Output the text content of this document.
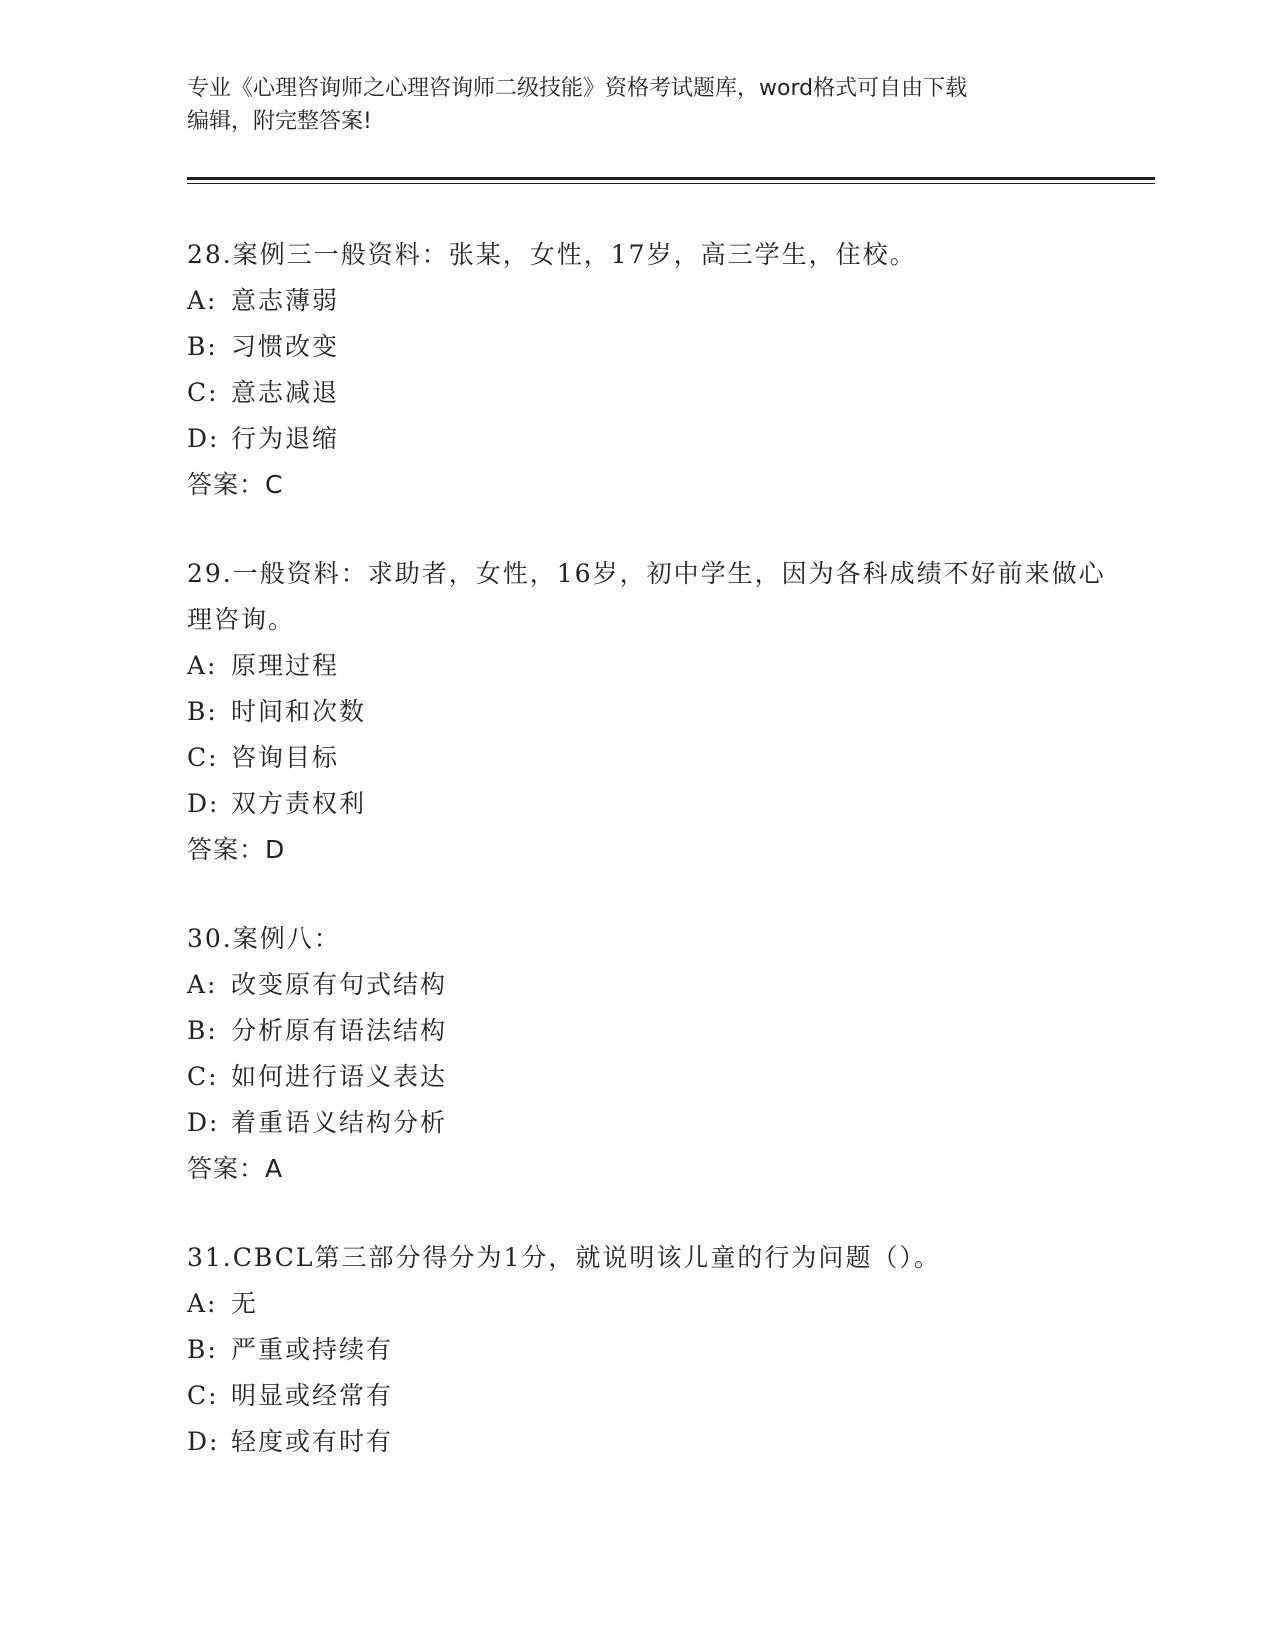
专业《心理咨询师之心理咨询师二级技能》资格考试题库，word格式可自由下载
编辑，附完整答案!
28.案例三一般资料：张某，女性，17岁，高三学生，住校。
A: 意志薄弱
B: 习惯改变
C: 意志减退
D: 行为退缩
答案：C
29.一般资料：求助者，女性，16岁，初中学生，因为各科成绩不好前来做心理咨询。
A: 原理过程
B: 时间和次数
C: 咨询目标
D: 双方责权利
答案：D
30.案例八：
A: 改变原有句式结构
B: 分析原有语法结构
C: 如何进行语义表达
D: 着重语义结构分析
答案：A
31.CBCL第三部分得分为1分，就说明该儿童的行为问题（）。
A: 无
B: 严重或持续有
C: 明显或经常有
D: 轻度或有时有
